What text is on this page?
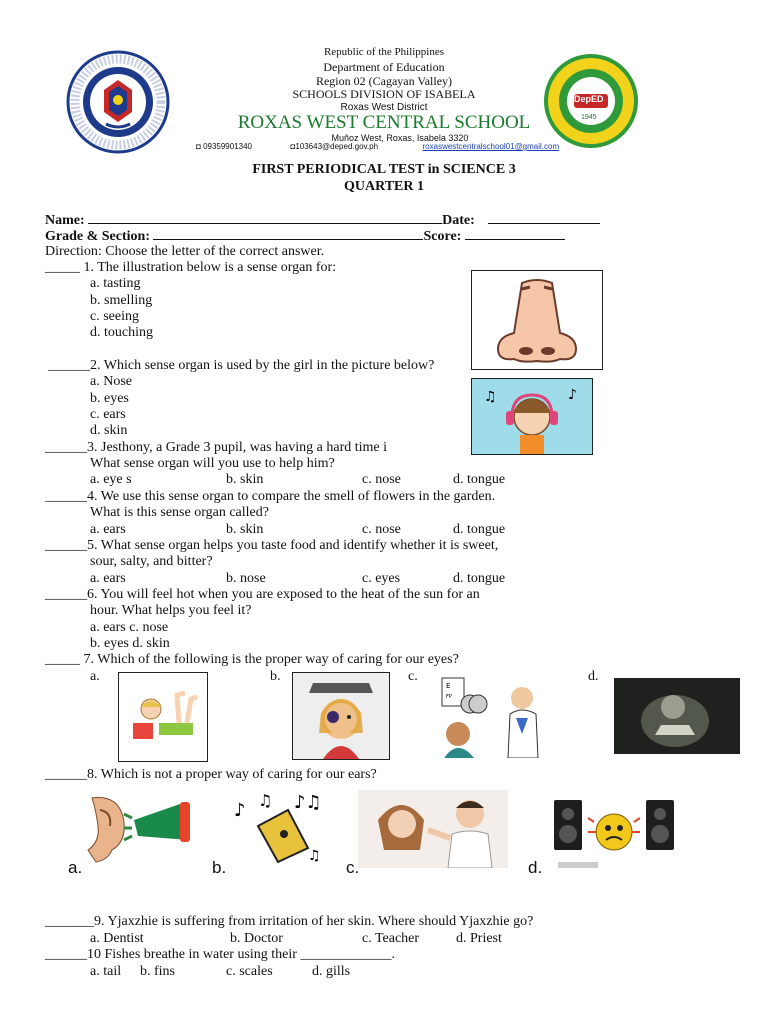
Republic of the Philippines
Department of Education
Region 02 (Cagayan Valley)
SCHOOLS DIVISION OF ISABELA
Roxas West District
ROXAS WEST CENTRAL SCHOOL
Muñoz West, Roxas, Isabela 3320
◘ 09359901340	◘103643@deped.gov.ph	roxaswestcentralschool01@gmail.com
DepED
1945
FIRST PERIODICAL TEST in SCIENCE 3
QUARTER 1
Name:	Date:
Grade & Section:	Score:
Direction: Choose the letter of the correct answer.
_____ 1. The illustration below is a sense organ for:
a. tasting
b. smelling
c. seeing
d. touching
______2. Which sense organ is used by the girl in the picture below?
a. Nose
b. eyes
c. ears
d. skin
♫	♪
______3. Jesthony, a Grade 3 pupil, was having a hard time i
What sense organ will you use to help him?
a. eye s	b. skin	c. nose	d. tongue
______4. We use this sense organ to compare the smell of flowers in the garden.
What is this sense organ called?
a. ears	b. skin	c. nose	d. tongue
______5. What sense organ helps you taste food and identify whether it is sweet,
sour, salty, and bitter?
a. ears	b. nose	c. eyes	d. tongue
______6. You will feel hot when you are exposed to the heat of the sun for an
hour. What helps you feel it?
a. ears c. nose
b. eyes d. skin
_____ 7. Which of the following is the proper way of caring for our eyes?
a.	b.	c.	d.
E
FP
______8. Which is not a proper way of caring for our ears?
a.
♪ ♫ ♪♫
♫
b.	c.	d.
_______9. Yjaxzhie is suffering from irritation of her skin. Where should Yjaxzhie go?
a. Dentist	b. Doctor	c. Teacher	d. Priest
______10 Fishes breathe in water using their _____________.
a. tail b. fins	c. scales	d. gills
